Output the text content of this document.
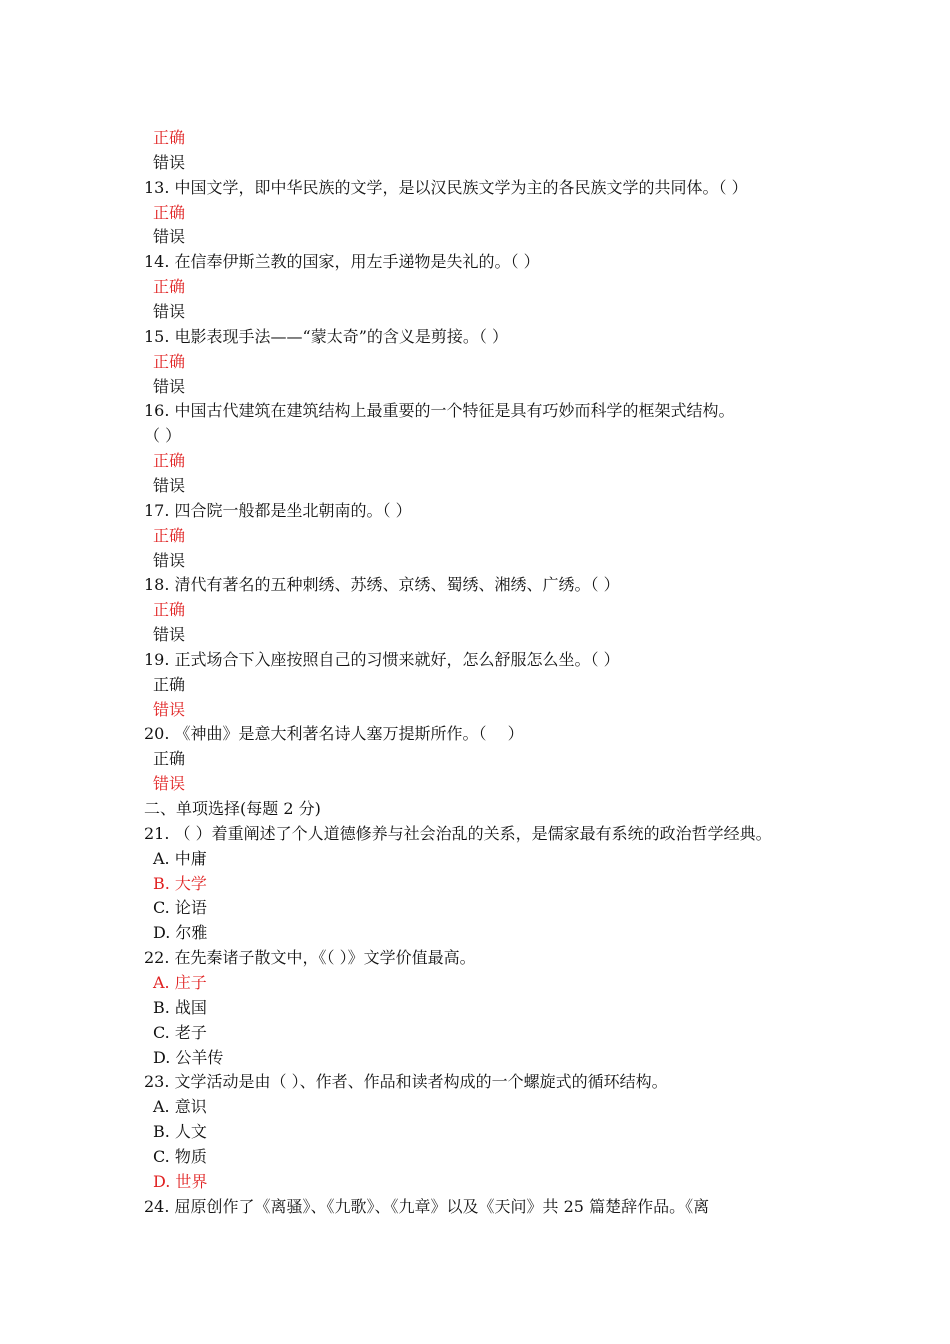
正确
错误
13. 中国文学，即中华民族的文学，是以汉民族文学为主的各民族文学的共同体。（ ）
正确
错误
14. 在信奉伊斯兰教的国家，用左手递物是失礼的。（ ）
正确
错误
15. 电影表现手法——“蒙太奇”的含义是剪接。（ ）
正确
错误
16. 中国古代建筑在建筑结构上最重要的一个特征是具有巧妙而科学的框架式结构。
（ ）
正确
错误
17. 四合院一般都是坐北朝南的。（ ）
正确
错误
18. 清代有著名的五种刺绣、苏绣、京绣、蜀绣、湘绣、广绣。（ ）
正确
错误
19. 正式场合下入座按照自己的习惯来就好，怎么舒服怎么坐。（ ）
正确
错误
20. 《神曲》是意大利著名诗人塞万提斯所作。（　 ）
正确
错误
二、单项选择(每题 2 分)
21. （ ）着重阐述了个人道德修养与社会治乱的关系，是儒家最有系统的政治哲学经典。
A. 中庸
B. 大学
C. 论语
D. 尔雅
22. 在先秦诸子散文中，《（ ）》文学价值最高。
A. 庄子
B. 战国
C. 老子
D. 公羊传
23. 文学活动是由（ ）、作者、作品和读者构成的一个螺旋式的循环结构。
A. 意识
B. 人文
C. 物质
D. 世界
24. 屈原创作了《离骚》、《九歌》、《九章》以及《天问》共 25 篇楚辞作品。《离
